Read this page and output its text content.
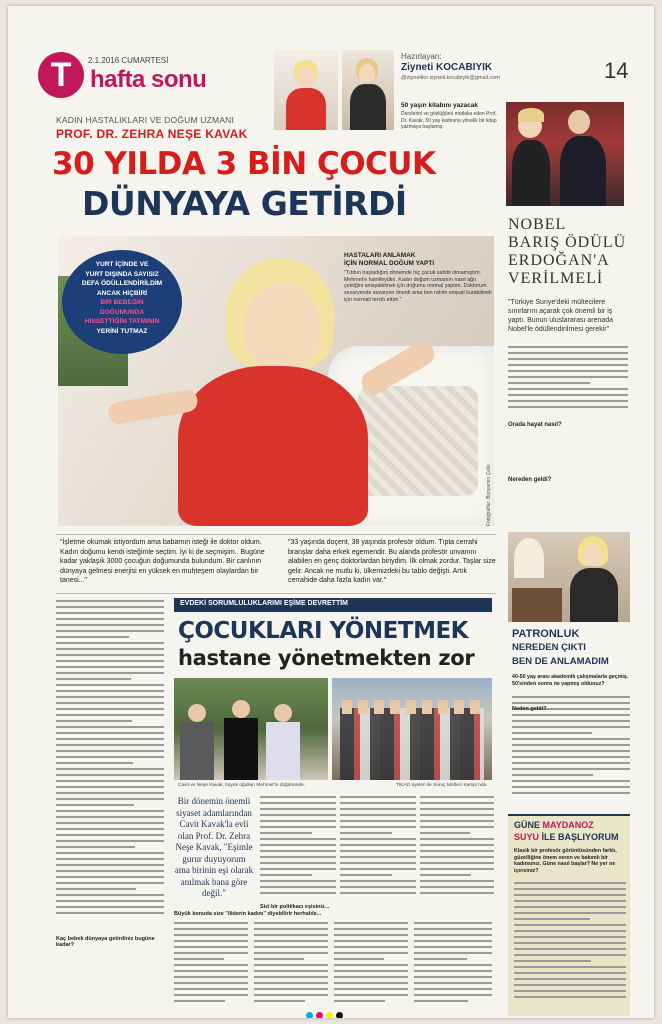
T 2.1.2016 CUMARTESİ
hafta sonu
Hazırlayan:
Ziyneti KOCABIYIK
@ziynetiko ziyneti.kocabiyik@gmail.com	14
50 yaşın kitabını yazacak
Derslerini ve gözlüğünü mutlaka eden Prof. Dr. Kavak, 50 yaş kadınına yönelik bir kitap yazmaya başlamış.
KADIN HASTALIKLARI VE DOĞUM UZMANI
PROF. DR. ZEHRA NEŞE KAVAK
30 YILDA 3 BİN ÇOCUK
DÜNYAYA GETİRDİ
YURT İÇİNDE VE
YURT DIŞINDA SAYISIZ
DEFA ÖDÜLLENDİRİLDİM
ANCAK HİÇBİRİ
BİR BEBEĞİN
DOĞUMUNDA
HİSSETTİĞİM TATMININ
YERİNİ TUTMAZ
HASTALARI ANLAMAK
İÇİN NORMAL DOĞUM YAPTI
"Tıbbın başladığım dönemde hiç çocuk sahibi olmamıştım. Mehmet'e hamileydim. Kadın doğum uzmanını nasıl ağrı çektiğini anlayabilmek için doğumu normal yaptım. Doktorum sezaryende sezaryen önerdi ama ben rahim empati kurabilmek için normali tercih ettim."
Fotoğraflar: Bünyamin Çelik
"İşletme okumak istiyordum ama babamın isteği ile doktor oldum. Kadın doğumu kendi isteğimle seçtim. İyi ki de seçmişim.. Bugüne kadar yaklaşık 3000 çocuğun doğumunda bulundum. Bir canlının dünyaya gelmesi enerjisi en yüksek en muhteşem olaylardan bir tanesi..."
"33 yaşında doçent, 38 yaşında profesör oldum. Tıpta cerrahi branşlar daha erkek egemendir. Bu alanda profesör unvanını alabilen en genç doktorlardan biriydim. İlk olmak zordur. Taşlar size gelir. Ancak ne mutlu ki, ülkemizdeki bu tablo değişti. Artık cerrahide daha fazla kadın var."
NOBEL
BARIŞ ÖDÜLÜ
ERDOĞAN'A
VERİLMELİ
"Türkiye Suriye'deki mültecilere sınırlarını açarak çok önemli bir iş yaptı. Bunun uluslararası arenada Nobel'le ödüllendirilmesi gerekir"
Orada hayat nasıl?
Nereden geldi?
Kaç bebek dünyaya getirdiniz bugüne kadar?
EVDEKİ SORUMLULUKLARIMI EŞİME DEVRETTİM
ÇOCUKLARI YÖNETMEK
hastane yönetmekten zor
Cavit ve Neşe Kavak, büyük oğulları Mehmet'in düğününde.	TİKAD üyeleri ile Suruç Mülteci Kampı'nda
Bir dönemin önemli siyaset adamlarından Cavit Kavak'la evli olan Prof. Dr. Zehra Neşe Kavak, "Eşimle gurur duyuyorum ama birinin eşi olarak anılmak bana göre değil."
Sizi bir politikacı eşisiniz...
Büyük konuda size "iliderin kadını" diyebilirlr herhalde...
PATRONLUK
NEREDEN ÇIKTI
BEN DE ANLAMADIM
40-50 yaş arası akademik çalışmalarla geçmiş. 50'sinden sonra ne yapmış oldunuz?
Neden geldi?
GÜNE MAYDANOZ
SUYU İLE BAŞLIYORUM
Klasik bir profesör görüntüsünden farklı, güzelliğine önem veren ve bakımlı bir kadınsınız. Güne nasıl başlar? Ne yer ne içersiniz?
